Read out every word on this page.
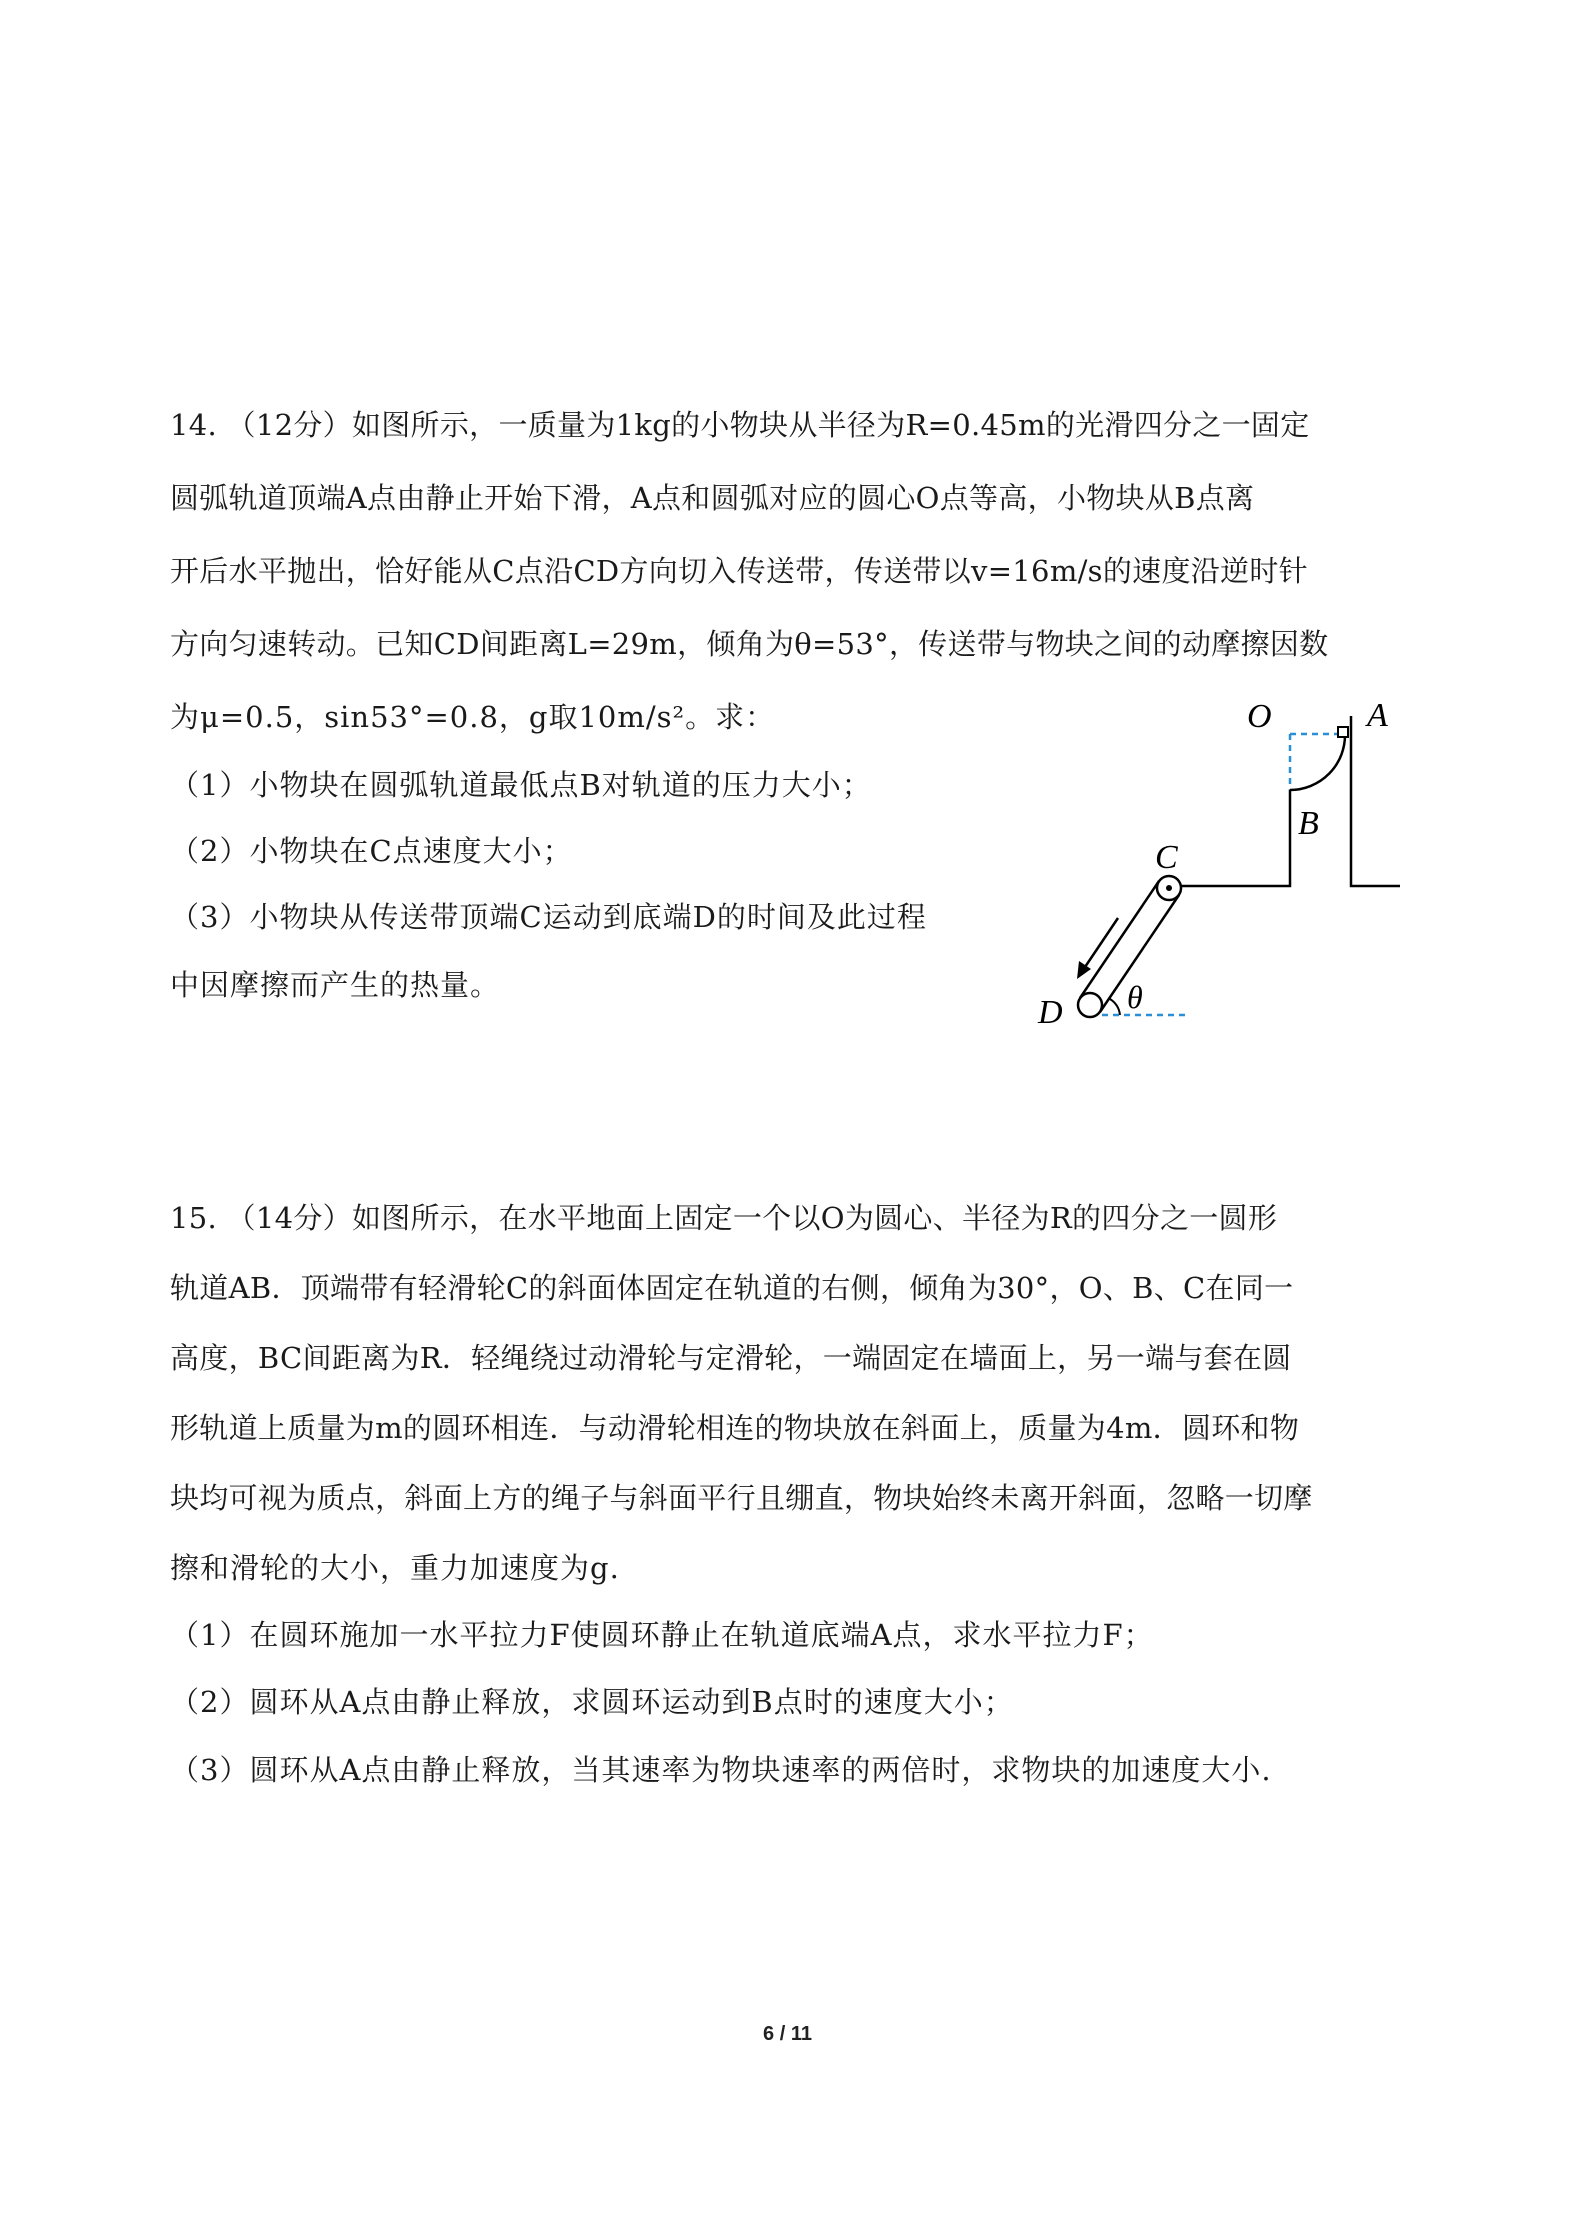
14. （12分）如图所示，一质量为1kg的小物块从半径为R=0.45m的光滑四分之一固定
圆弧轨道顶端A点由静止开始下滑，A点和圆弧对应的圆心O点等高，小物块从B点离
开后水平抛出，恰好能从C点沿CD方向切入传送带，传送带以v=16m/s的速度沿逆时针
方向匀速转动。已知CD间距离L=29m，倾角为θ=53°，传送带与物块之间的动摩擦因数
为μ=0.5，sin53°=0.8，g取10m/s²。求：
（1）小物块在圆弧轨道最低点B对轨道的压力大小；
（2）小物块在C点速度大小；
（3）小物块从传送带顶端C运动到底端D的时间及此过程
中因摩擦而产生的热量。
O	A
B
C
D θ
15. （14分）如图所示，在水平地面上固定一个以O为圆心、半径为R的四分之一圆形
轨道AB．顶端带有轻滑轮C的斜面体固定在轨道的右侧，倾角为30°，O、B、C在同一
高度，BC间距离为R．轻绳绕过动滑轮与定滑轮，一端固定在墙面上，另一端与套在圆
形轨道上质量为m的圆环相连．与动滑轮相连的物块放在斜面上，质量为4m．圆环和物
块均可视为质点，斜面上方的绳子与斜面平行且绷直，物块始终未离开斜面，忽略一切摩
擦和滑轮的大小，重力加速度为g.
（1）在圆环施加一水平拉力F使圆环静止在轨道底端A点，求水平拉力F；
（2）圆环从A点由静止释放，求圆环运动到B点时的速度大小；
（3）圆环从A点由静止释放，当其速率为物块速率的两倍时，求物块的加速度大小.
6 / 11
